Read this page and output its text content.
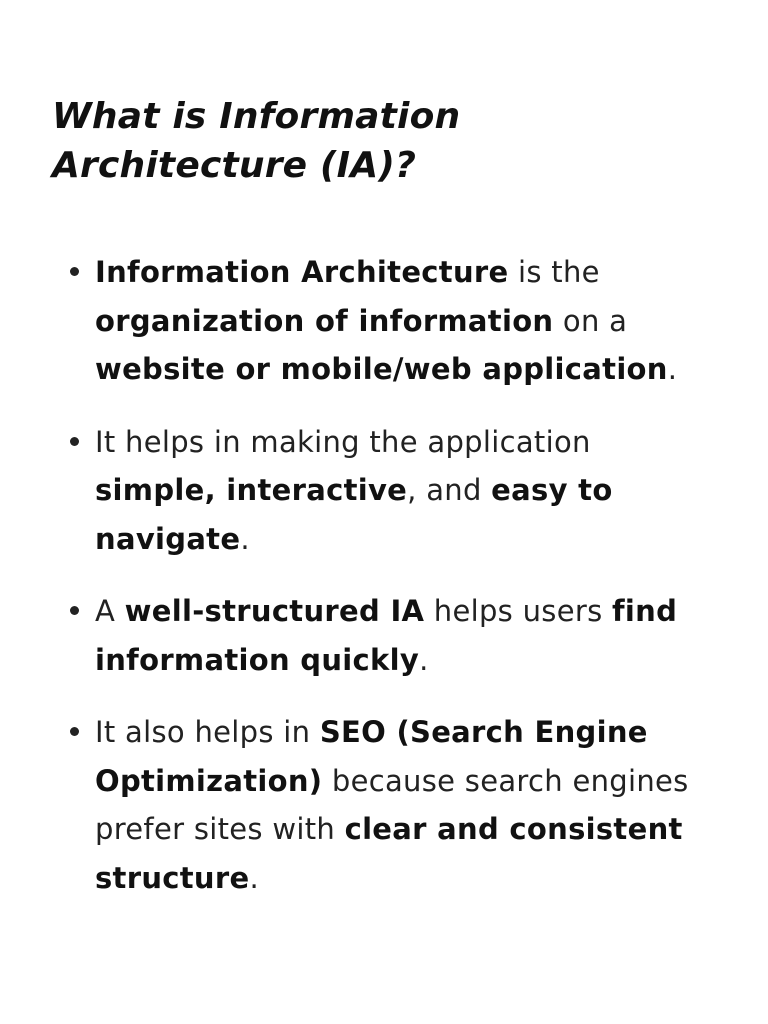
What is Information Architecture (IA)?
Information Architecture is the
organization of information on a
website or mobile/web application.
It helps in making the application
simple, interactive, and easy to navigate.
A well-structured IA helps users find information quickly.
It also helps in SEO (Search Engine Optimization) because search engines prefer sites with clear and consistent structure.
